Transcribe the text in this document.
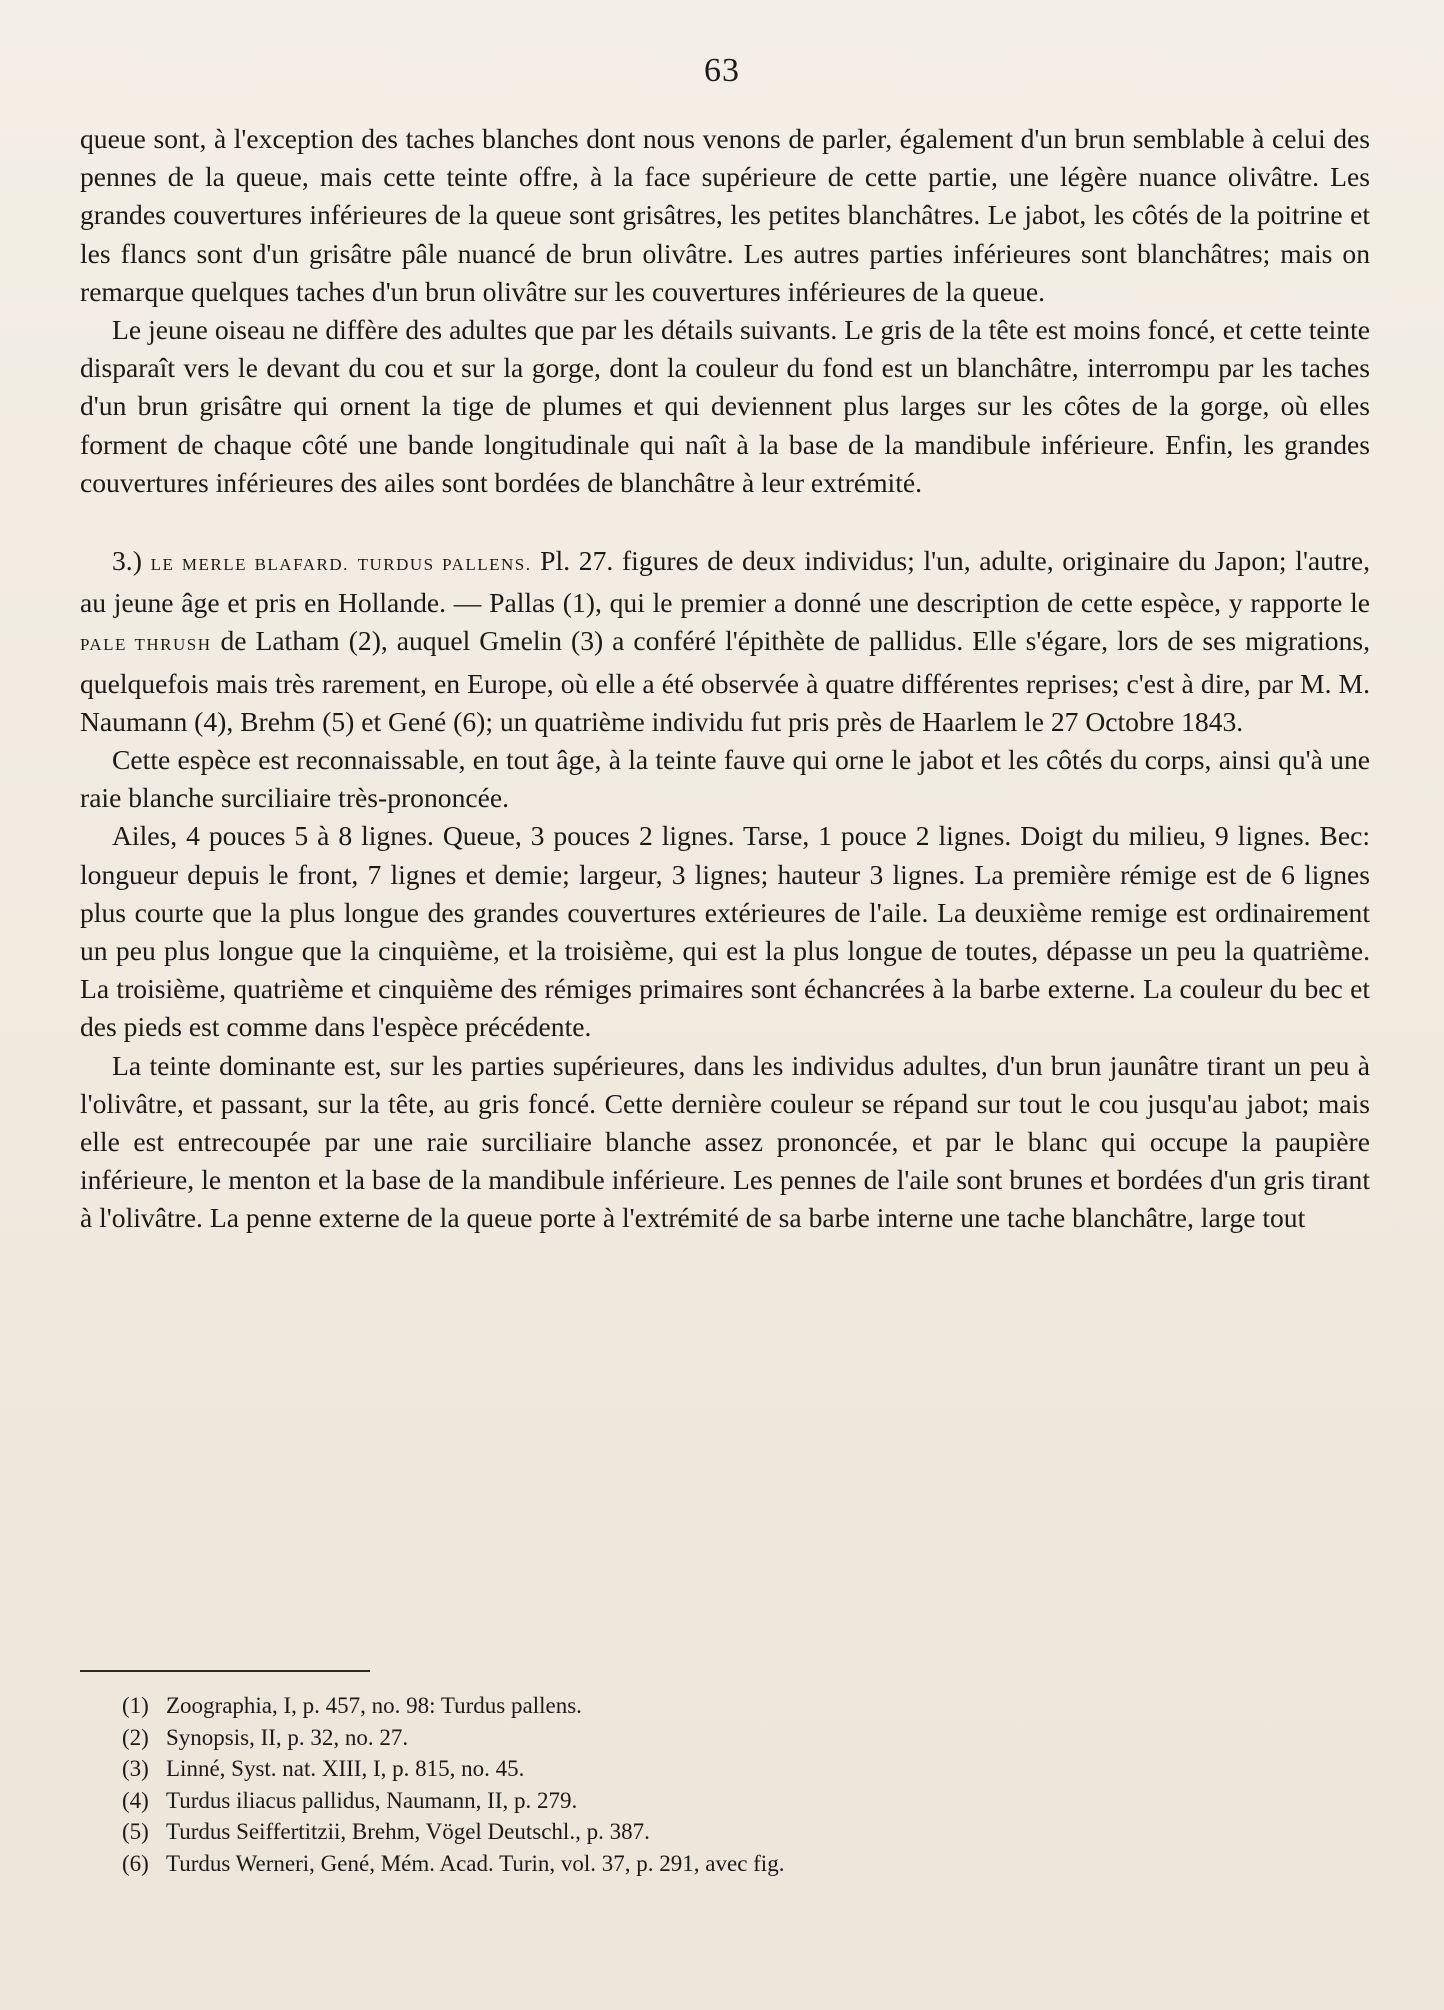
63

queue sont, à l'exception des taches blanches dont nous venons de parler, également d'un brun semblable à celui des pennes de la queue, mais cette teinte offre, à la face supérieure de cette partie, une légère nuance olivâtre. Les grandes couvertures inférieures de la queue sont grisâtres, les petites blanchâtres. Le jabot, les côtés de la poitrine et les flancs sont d'un grisâtre pâle nuancé de brun olivâtre. Les autres parties inférieures sont blanchâtres; mais on remarque quelques taches d'un brun olivâtre sur les couvertures inférieures de la queue.

Le jeune oiseau ne diffère des adultes que par les détails suivants. Le gris de la tête est moins foncé, et cette teinte disparaît vers le devant du cou et sur la gorge, dont la couleur du fond est un blanchâtre, interrompu par les taches d'un brun grisâtre qui ornent la tige de plumes et qui deviennent plus larges sur les côtes de la gorge, où elles forment de chaque côté une bande longitudinale qui naît à la base de la mandibule inférieure. Enfin, les grandes couvertures inférieures des ailes sont bordées de blanchâtre à leur extrémité.

3.) LE MERLE BLAFARD. TURDUS PALLENS. Pl. 27. figures de deux individus; l'un, adulte, originaire du Japon; l'autre, au jeune âge et pris en Hollande. — Pallas (1), qui le premier a donné une description de cette espèce, y rapporte le PALE THRUSH de Latham (2), auquel Gmelin (3) a conféré l'épithète de pallidus. Elle s'égare, lors de ses migrations, quelquefois mais très rarement, en Europe, où elle a été observée à quatre différentes reprises; c'est à dire, par M. M. Naumann (4), Brehm (5) et Gené (6); un quatrième individu fut pris près de Haarlem le 27 Octobre 1843.

Cette espèce est reconnaissable, en tout âge, à la teinte fauve qui orne le jabot et les côtés du corps, ainsi qu'à une raie blanche surciliaire très-prononcée.

Ailes, 4 pouces 5 à 8 lignes. Queue, 3 pouces 2 lignes. Tarse, 1 pouce 2 lignes. Doigt du milieu, 9 lignes. Bec: longueur depuis le front, 7 lignes et demie; largeur, 3 lignes; hauteur 3 lignes. La première rémige est de 6 lignes plus courte que la plus longue des grandes couvertures extérieures de l'aile. La deuxième remige est ordinairement un peu plus longue que la cinquième, et la troisième, qui est la plus longue de toutes, dépasse un peu la quatrième. La troisième, quatrième et cinquième des rémiges primaires sont échancrées à la barbe externe. La couleur du bec et des pieds est comme dans l'espèce précédente.

La teinte dominante est, sur les parties supérieures, dans les individus adultes, d'un brun jaunâtre tirant un peu à l'olivâtre, et passant, sur la tête, au gris foncé. Cette dernière couleur se répand sur tout le cou jusqu'au jabot; mais elle est entrecoupée par une raie surciliaire blanche assez prononcée, et par le blanc qui occupe la paupière inférieure, le menton et la base de la mandibule inférieure. Les pennes de l'aile sont brunes et bordées d'un gris tirant à l'olivâtre. La penne externe de la queue porte à l'extrémité de sa barbe interne une tache blanchâtre, large tout

(1) Zoographia, I, p. 457, no. 98: Turdus pallens.
(2) Synopsis, II, p. 32, no. 27.
(3) Linné, Syst. nat. XIII, I, p. 815, no. 45.
(4) Turdus iliacus pallidus, Naumann, II, p. 279.
(5) Turdus Seiffertitzii, Brehm, Vögel Deutschl., p. 387.
(6) Turdus Werneri, Gené, Mém. Acad. Turin, vol. 37, p. 291, avec fig.
